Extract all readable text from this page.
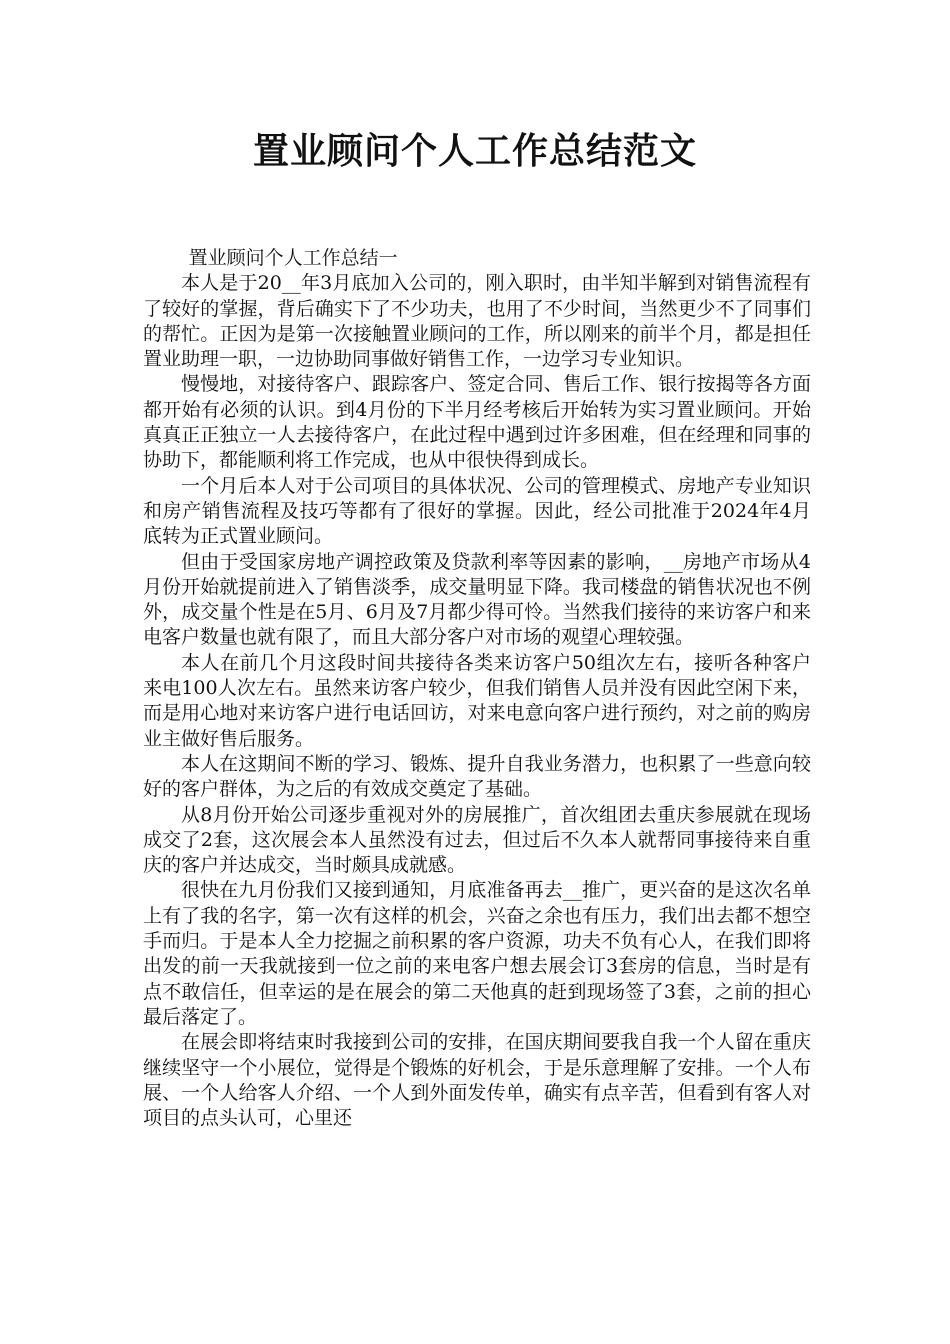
置业顾问个人工作总结范文

置业顾问个人工作总结一

本人是于20__年3月底加入公司的，刚入职时，由半知半解到对销售流程有了较好的掌握，背后确实下了不少功夫，也用了不少时间，当然更少不了同事们的帮忙。正因为是第一次接触置业顾问的工作，所以刚来的前半个月，都是担任置业助理一职，一边协助同事做好销售工作，一边学习专业知识。

慢慢地，对接待客户、跟踪客户、签定合同、售后工作、银行按揭等各方面都开始有必须的认识。到4月份的下半月经考核后开始转为实习置业顾问。开始真真正正独立一人去接待客户，在此过程中遇到过许多困难，但在经理和同事的协助下，都能顺利将工作完成，也从中很快得到成长。

一个月后本人对于公司项目的具体状况、公司的管理模式、房地产专业知识和房产销售流程及技巧等都有了很好的掌握。因此，经公司批准于2024年4月底转为正式置业顾问。

但由于受国家房地产调控政策及贷款利率等因素的影响，__房地产市场从4月份开始就提前进入了销售淡季，成交量明显下降。我司楼盘的销售状况也不例外，成交量个性是在5月、6月及7月都少得可怜。当然我们接待的来访客户和来电客户数量也就有限了，而且大部分客户对市场的观望心理较强。

本人在前几个月这段时间共接待各类来访客户50组次左右，接听各种客户来电100人次左右。虽然来访客户较少，但我们销售人员并没有因此空闲下来，而是用心地对来访客户进行电话回访，对来电意向客户进行预约，对之前的购房业主做好售后服务。

本人在这期间不断的学习、锻炼、提升自我业务潜力，也积累了一些意向较好的客户群体，为之后的有效成交奠定了基础。

从8月份开始公司逐步重视对外的房展推广，首次组团去重庆参展就在现场成交了2套，这次展会本人虽然没有过去，但过后不久本人就帮同事接待来自重庆的客户并达成交，当时颇具成就感。

很快在九月份我们又接到通知，月底准备再去__推广，更兴奋的是这次名单上有了我的名字，第一次有这样的机会，兴奋之余也有压力，我们出去都不想空手而归。于是本人全力挖掘之前积累的客户资源，功夫不负有心人，在我们即将出发的前一天我就接到一位之前的来电客户想去展会订3套房的信息，当时是有点不敢信任，但幸运的是在展会的第二天他真的赶到现场签了3套，之前的担心最后落定了。

在展会即将结束时我接到公司的安排，在国庆期间要我自我一个人留在重庆继续坚守一个小展位，觉得是个锻炼的好机会，于是乐意理解了安排。一个人布展、一个人给客人介绍、一个人到外面发传单，确实有点辛苦，但看到有客人对项目的点头认可，心里还
